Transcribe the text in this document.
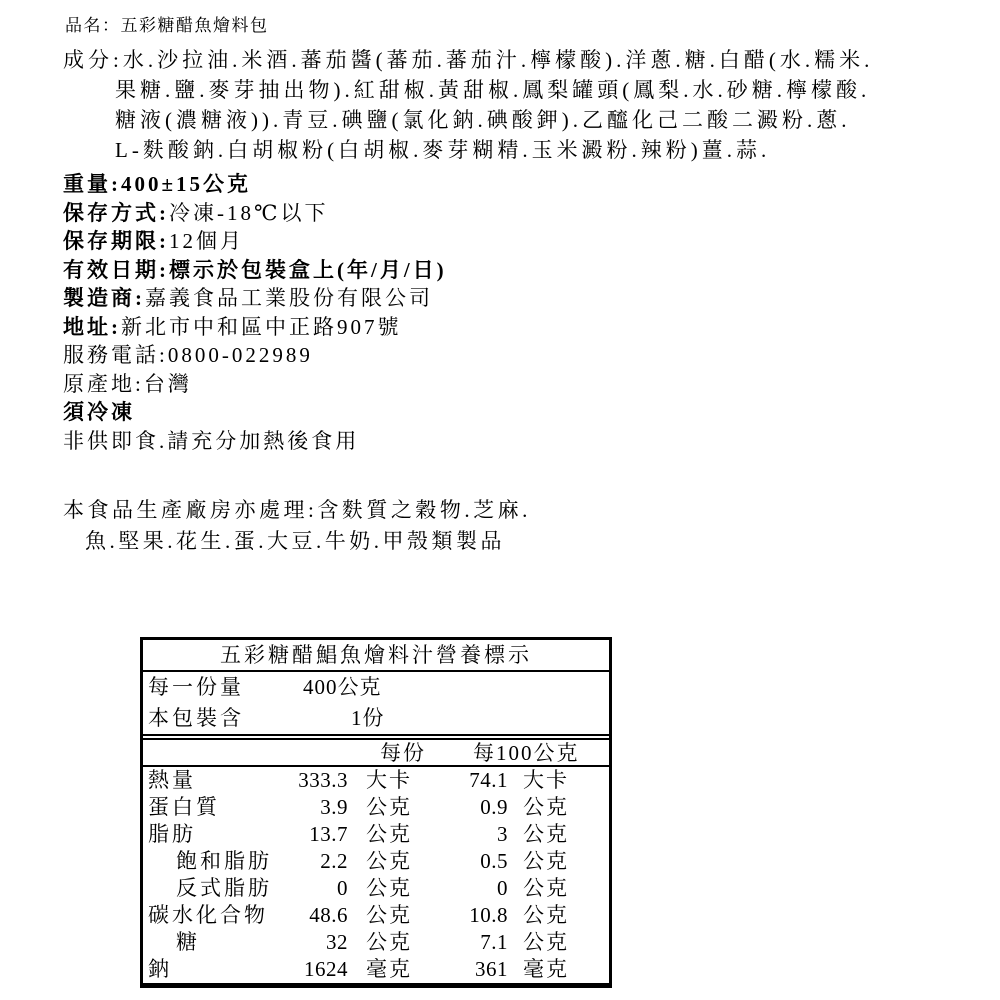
品名：五彩糖醋魚燴料包
成分:水.沙拉油.米酒.蕃茄醬(蕃茄.蕃茄汁.檸檬酸).洋蔥.糖.白醋(水.糯米.
果糖.鹽.麥芽抽出物).紅甜椒.黃甜椒.鳳梨罐頭(鳳梨.水.砂糖.檸檬酸.
糖液(濃糖液)).青豆.碘鹽(氯化鈉.碘酸鉀).乙醯化己二酸二澱粉.蔥.
L-麩酸鈉.白胡椒粉(白胡椒.麥芽糊精.玉米澱粉.辣粉)薑.蒜.
重量:400±15公克
保存方式:冷凍-18℃以下
保存期限:12個月
有效日期:標示於包裝盒上(年/月/日)
製造商:嘉義食品工業股份有限公司
地址:新北市中和區中正路907號
服務電話:0800-022989
原產地:台灣
須冷凍
非供即食.請充分加熱後食用
本食品生產廠房亦處理:含麩質之穀物.芝麻.
魚.堅果.花生.蛋.大豆.牛奶.甲殼類製品
五彩糖醋鯧魚燴料汁營養標示
每一份量	400公克
本包裝含	1份
每份 每100公克
熱量	333.3 大卡	74.1 大卡
蛋白質	3.9 公克	0.9 公克
脂肪	13.7 公克	3 公克
飽和脂肪	2.2 公克	0.5 公克
反式脂肪	0 公克	0 公克
碳水化合物	48.6 公克	10.8 公克
糖	32 公克	7.1 公克
鈉	1624 毫克	361 毫克
